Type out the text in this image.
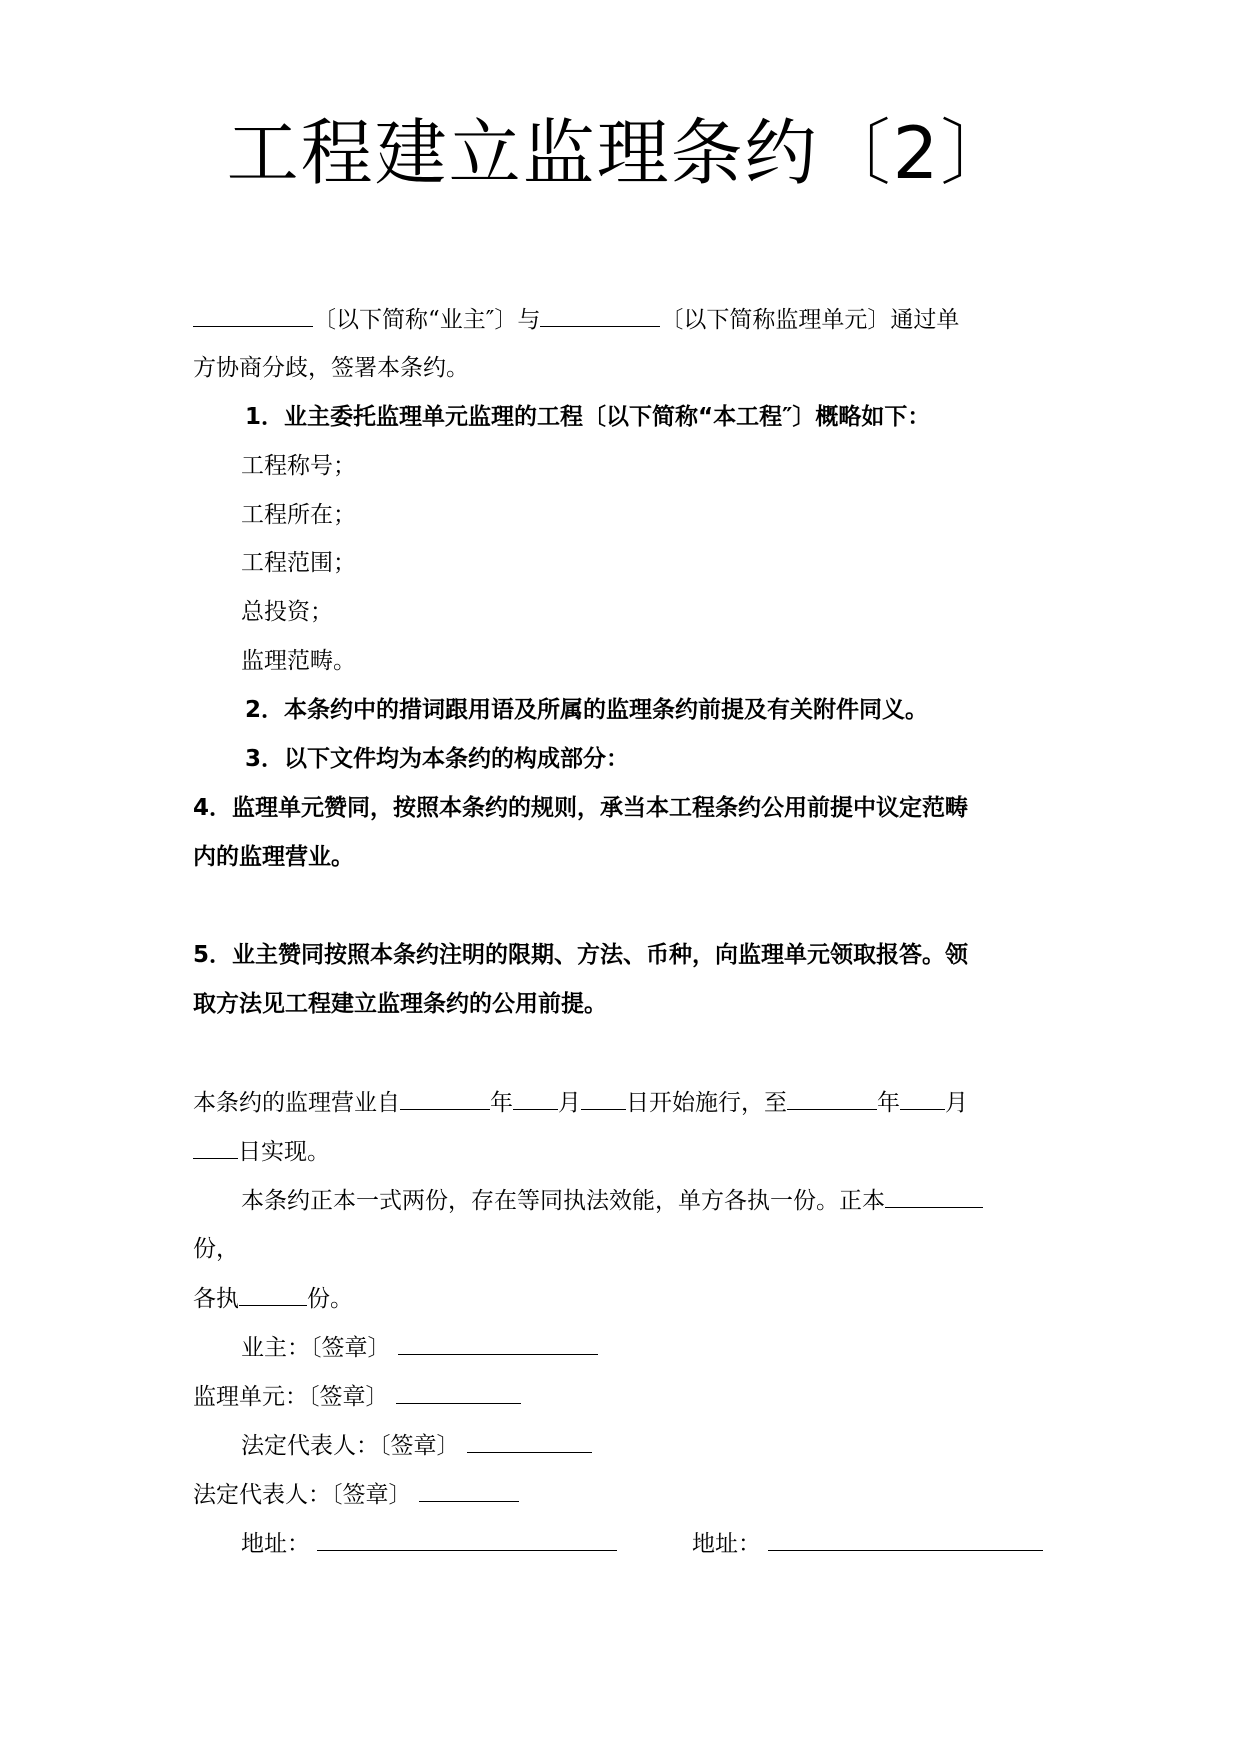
工程建立监理条约〔2〕
〔以下简称“业主″〕与	〔以下简称监理单元〕通过单
方协商分歧，签署本条约。
1．业主委托监理单元监理的工程〔以下简称“本工程″〕概略如下：
工程称号；
工程所在；
工程范围；
总投资；
监理范畴。
2．本条约中的措词跟用语及所属的监理条约前提及有关附件同义。
3．以下文件均为本条约的构成部分：
4．监理单元赞同，按照本条约的规则，承当本工程条约公用前提中议定范畴
内的监理营业。
5．业主赞同按照本条约注明的限期、方法、币种，向监理单元领取报答。领
取方法见工程建立监理条约的公用前提。
本条约的监理营业自	年 月 日开始施行，至	年 月
日实现。
本条约正本一式两份，存在等同执法效能，单方各执一份。正本
份，
各执	份。
业主：〔签章〕
监理单元：〔签章〕
法定代表人：〔签章〕
法定代表人：〔签章〕
地址：	地址：
